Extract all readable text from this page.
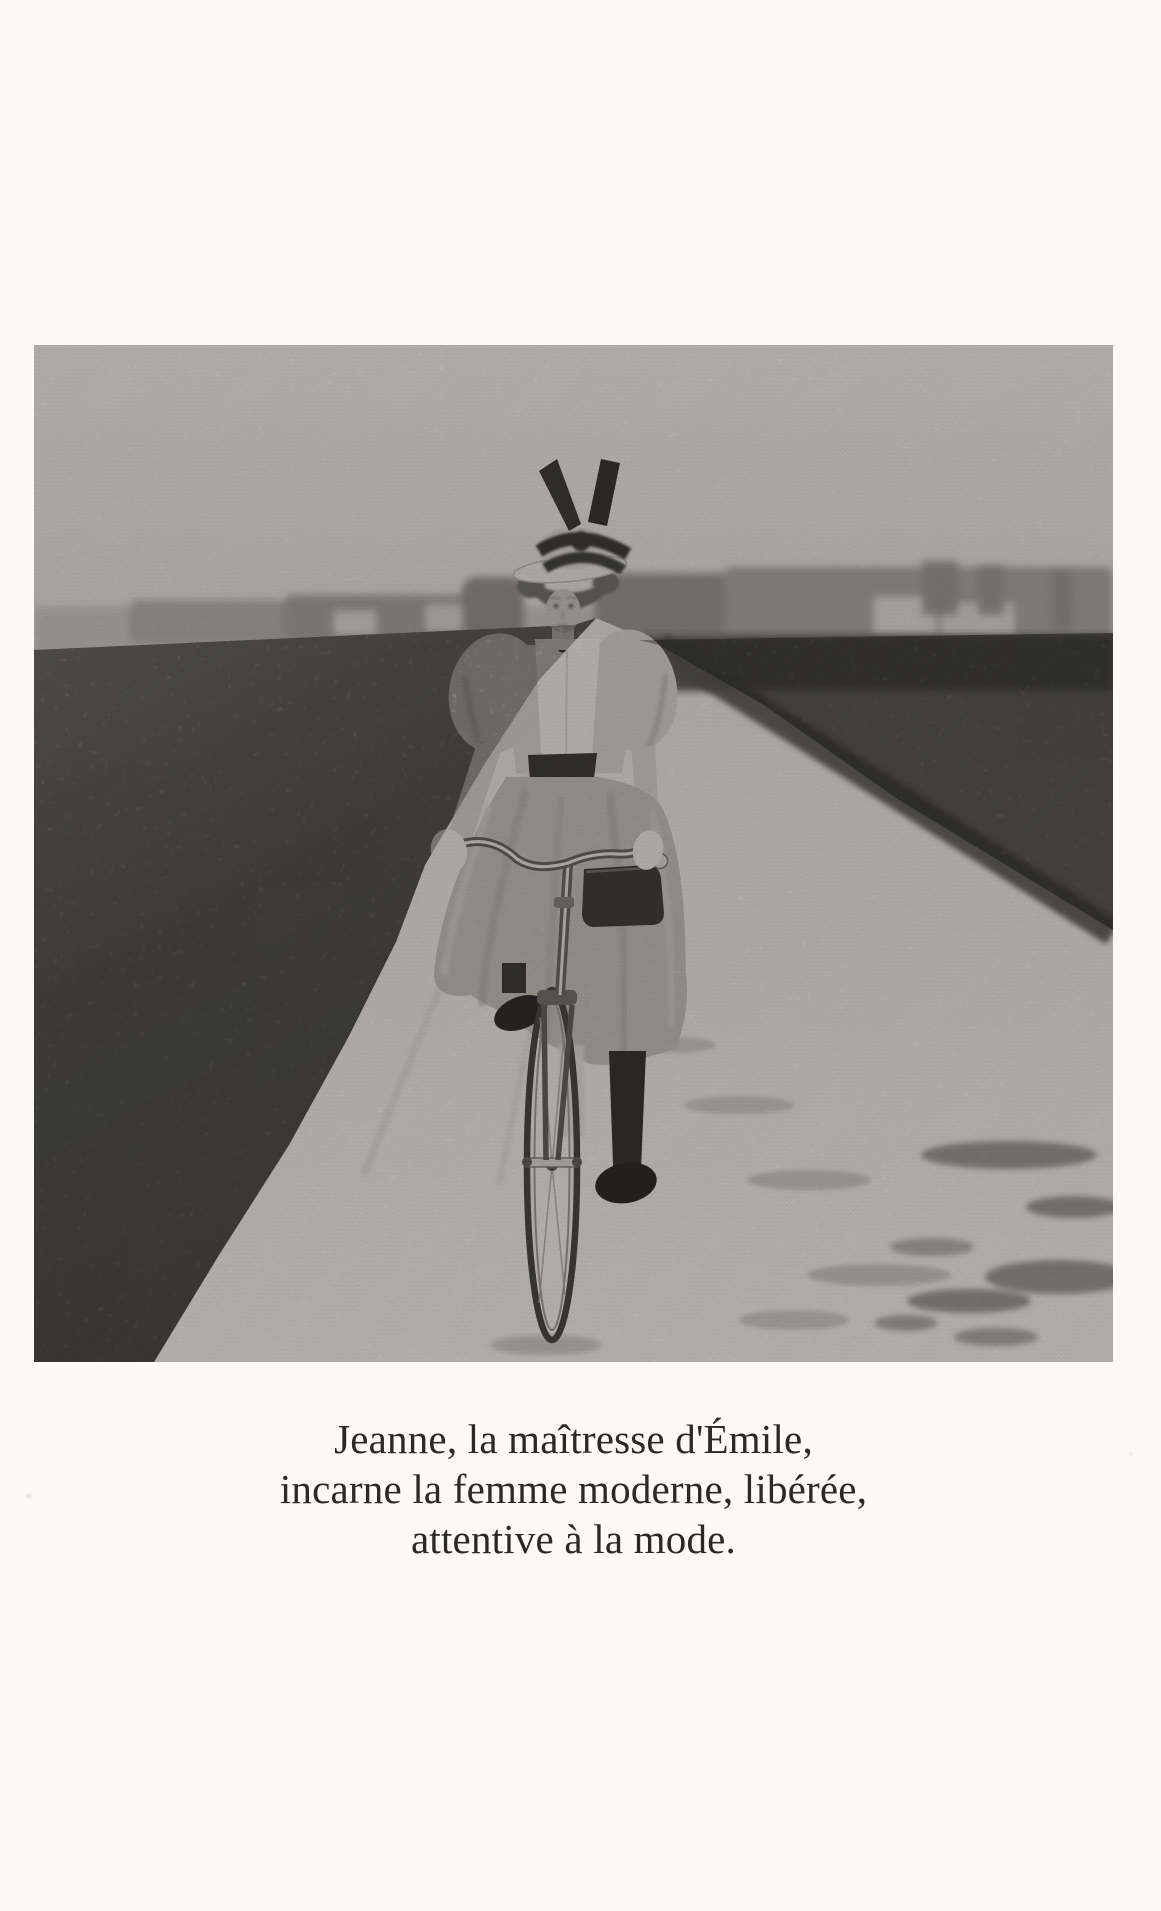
Jeanne, la maîtresse d'Émile,
incarne la femme moderne, libérée,
attentive à la mode.
